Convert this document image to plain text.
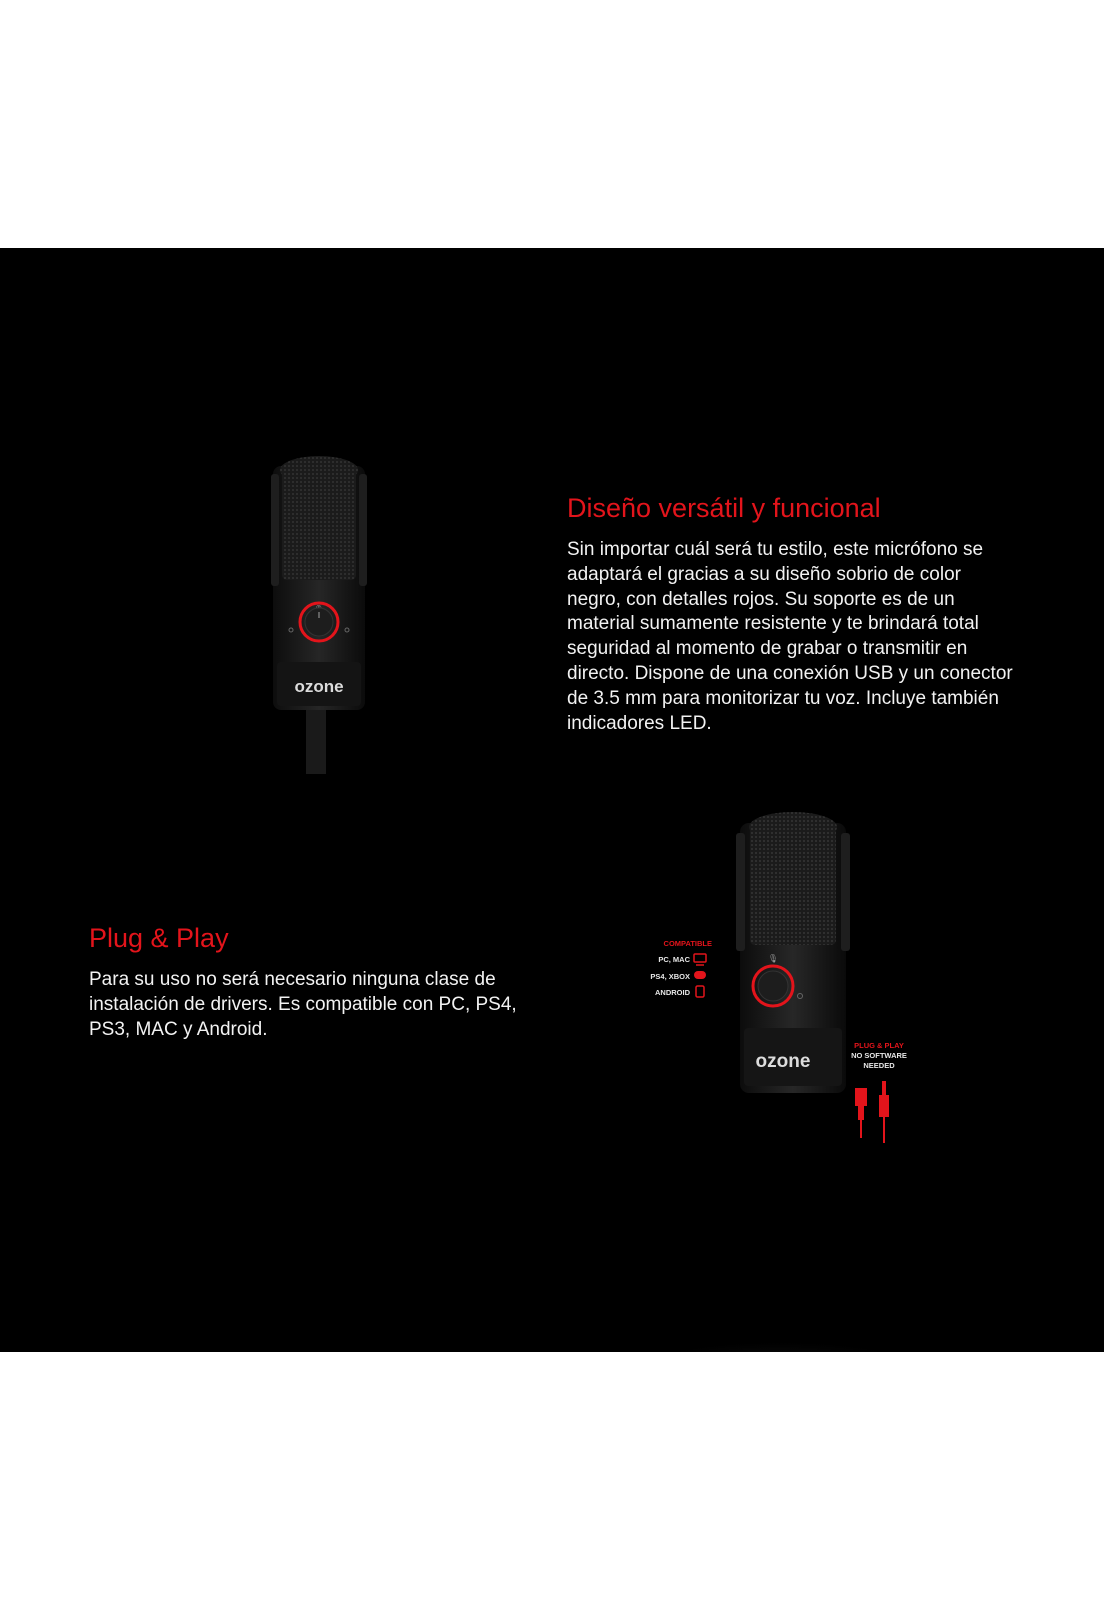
ozone
Diseño versátil y funcional

Sin importar cuál será tu estilo, este micrófono se adaptará el gracias a su diseño sobrio de color negro, con detalles rojos. Su soporte es de un material sumamente resistente y te brindará total seguridad al momento de grabar o transmitir en directo. Dispone de una conexión USB y un conector de 3.5 mm para monitorizar tu voz. Incluye también indicadores LED.

Plug & Play

Para su uso no será necesario ninguna clase de instalación de drivers. Es compatible con PC, PS4, PS3, MAC y Android.

🎙
ozone
COMPATIBLE
PC, MAC
PS4, XBOX
ANDROID
PLUG & PLAY
NO SOFTWARE
NEEDED
